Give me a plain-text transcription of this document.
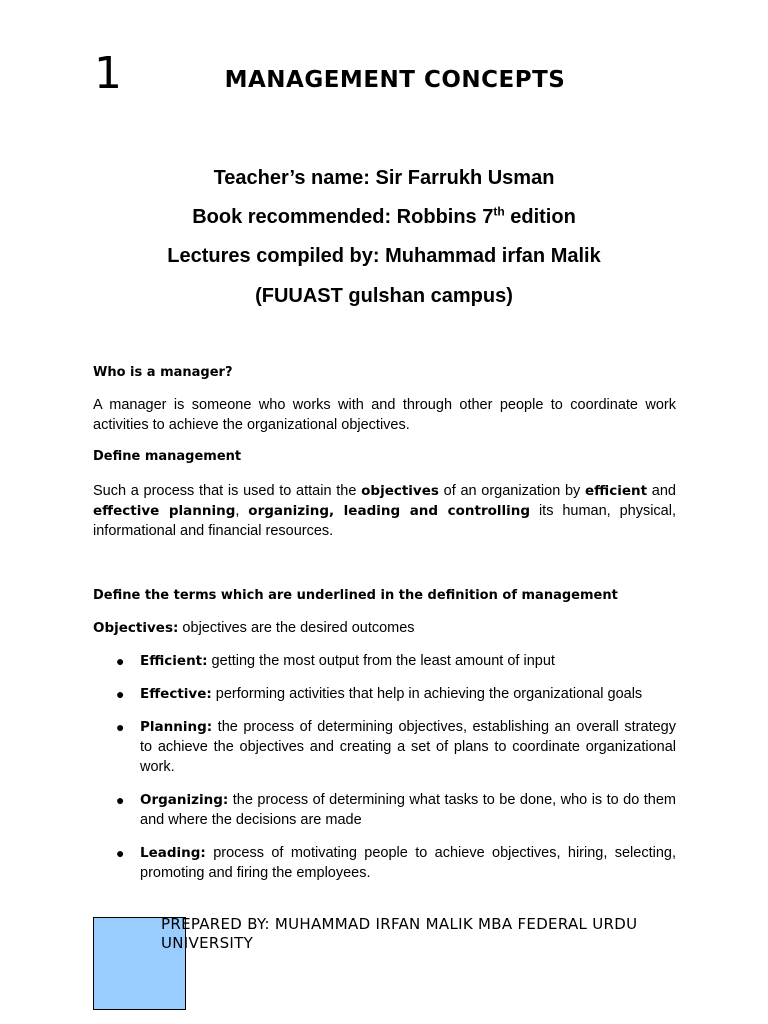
1	MANAGEMENT CONCEPTS
Teacher’s name: Sir Farrukh Usman
Book recommended: Robbins 7th edition
Lectures compiled by: Muhammad irfan Malik
(FUUAST gulshan campus)
Who is a manager?
A manager is someone who works with and through other people to coordinate work activities to achieve the organizational objectives.
Define management
Such a process that is used to attain the objectives of an organization by efficient and effective planning, organizing, leading and controlling its human, physical, informational and financial resources.
Define the terms which are underlined in the definition of management
Objectives: objectives are the desired outcomes
● Efficient: getting the most output from the least amount of input
● Effective: performing activities that help in achieving the organizational goals
● Planning: the process of determining objectives, establishing an overall strategy to achieve the objectives and creating a set of plans to coordinate organizational work.
● Organizing: the process of determining what tasks to be done, who is to do them and where the decisions are made
● Leading: process of motivating people to achieve objectives, hiring, selecting, promoting and firing the employees.
PREPARED BY: MUHAMMAD IRFAN MALIK MBA FEDERAL URDU UNIVERSITY
